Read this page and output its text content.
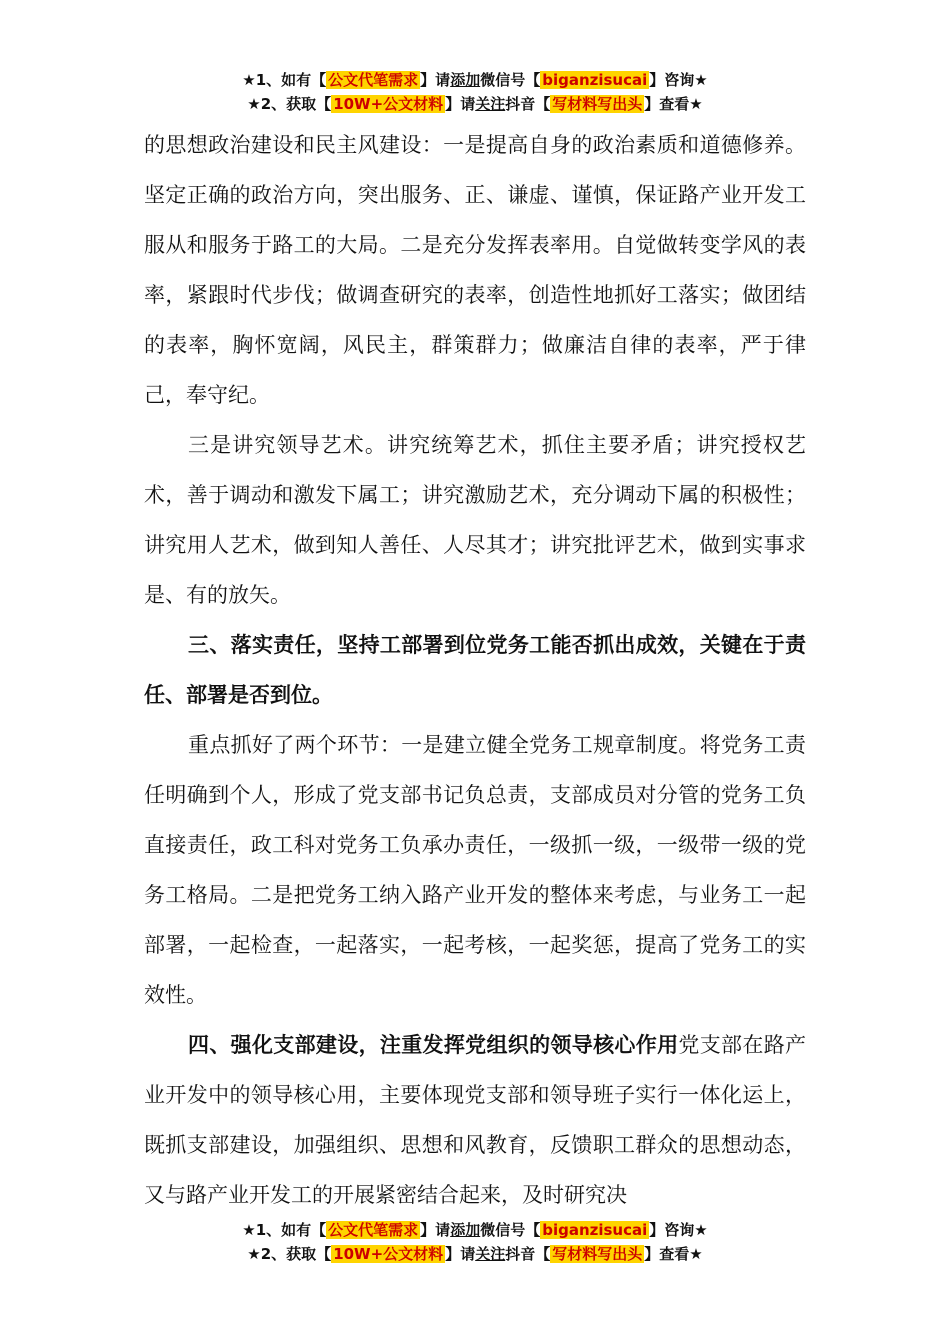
★1、如有【 公文代笔需求 】请添加微信号【 biganzisucai 】咨询★
★2、获取【 10W+公文材料 】请关注抖音【 写材料写出头 】查看★

的思想政治建设和民主风建设：一是提高自身的政治素质和道德修养。坚定正确的政治方向，突出服务、正、谦虚、谨慎，保证路产业开发工服从和服务于路工的大局。二是充分发挥表率用。自觉做转变学风的表率，紧跟时代步伐；做调查研究的表率，创造性地抓好工落实；做团结的表率，胸怀宽阔，风民主，群策群力；做廉洁自律的表率，严于律己，奉守纪。

三是讲究领导艺术。讲究统筹艺术，抓住主要矛盾；讲究授权艺术，善于调动和激发下属工；讲究激励艺术，充分调动下属的积极性；讲究用人艺术，做到知人善任、人尽其才；讲究批评艺术，做到实事求是、有的放矢。

三、落实责任，坚持工部署到位党务工能否抓出成效，关键在于责任、部署是否到位。

重点抓好了两个环节：一是建立健全党务工规章制度。将党务工责任明确到个人，形成了党支部书记负总责，支部成员对分管的党务工负直接责任，政工科对党务工负承办责任，一级抓一级，一级带一级的党务工格局。二是把党务工纳入路产业开发的整体来考虑，与业务工一起部署，一起检查，一起落实，一起考核，一起奖惩，提高了党务工的实效性。

四、强化支部建设，注重发挥党组织的领导核心作用党支部在路产业开发中的领导核心用，主要体现党支部和领导班子实行一体化运上，既抓支部建设，加强组织、思想和风教育，反馈职工群众的思想动态，又与路产业开发工的开展紧密结合起来，及时研究决

★1、如有【 公文代笔需求 】请添加微信号【 biganzisucai 】咨询★
★2、获取【 10W+公文材料 】请关注抖音【 写材料写出头 】查看★
